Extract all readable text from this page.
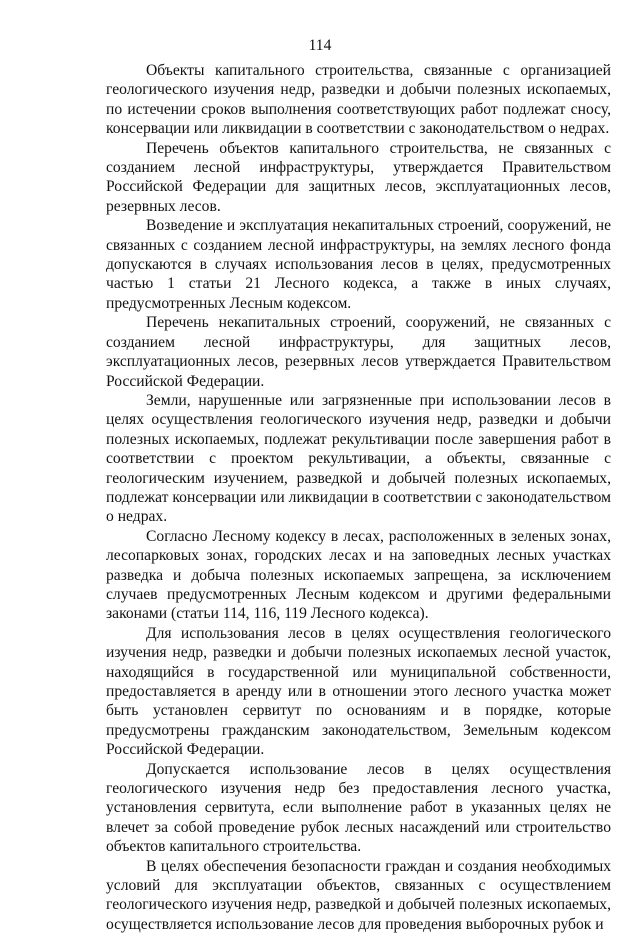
114

Объекты капитального строительства, связанные с организацией геологического изучения недр, разведки и добычи полезных ископаемых, по истечении сроков выполнения соответствующих работ подлежат сносу, консервации или ликвидации в соответствии с законодательством о недрах.

Перечень объектов капитального строительства, не связанных с созданием лесной инфраструктуры, утверждается Правительством Российской Федерации для защитных лесов, эксплуатационных лесов, резервных лесов.

Возведение и эксплуатация некапитальных строений, сооружений, не связанных с созданием лесной инфраструктуры, на землях лесного фонда допускаются в случаях использования лесов в целях, предусмотренных частью 1 статьи 21 Лесного кодекса, а также в иных случаях, предусмотренных Лесным кодексом.

Перечень некапитальных строений, сооружений, не связанных с созданием лесной инфраструктуры, для защитных лесов, эксплуатационных лесов, резервных лесов утверждается Правительством Российской Федерации.

Земли, нарушенные или загрязненные при использовании лесов в целях осуществления геологического изучения недр, разведки и добычи полезных ископаемых, подлежат рекультивации после завершения работ в соответствии с проектом рекультивации, а объекты, связанные с геологическим изучением, разведкой и добычей полезных ископаемых, подлежат консервации или ликвидации в соответствии с законодательством о недрах.

Согласно Лесному кодексу в лесах, расположенных в зеленых зонах, лесопарковых зонах, городских лесах и на заповедных лесных участках разведка и добыча полезных ископаемых запрещена, за исключением случаев предусмотренных Лесным кодексом и другими федеральными законами (статьи 114, 116, 119 Лесного кодекса).

Для использования лесов в целях осуществления геологического изучения недр, разведки и добычи полезных ископаемых лесной участок, находящийся в государственной или муниципальной собственности, предоставляется в аренду или в отношении этого лесного участка может быть установлен сервитут по основаниям и в порядке, которые предусмотрены гражданским законодательством, Земельным кодексом Российской Федерации.

Допускается использование лесов в целях осуществления геологического изучения недр без предоставления лесного участка, установления сервитута, если выполнение работ в указанных целях не влечет за собой проведение рубок лесных насаждений или строительство объектов капитального строительства.

В целях обеспечения безопасности граждан и создания необходимых условий для эксплуатации объектов, связанных с осуществлением геологического изучения недр, разведкой и добычей полезных ископаемых, осуществляется использование лесов для проведения выборочных рубок и
